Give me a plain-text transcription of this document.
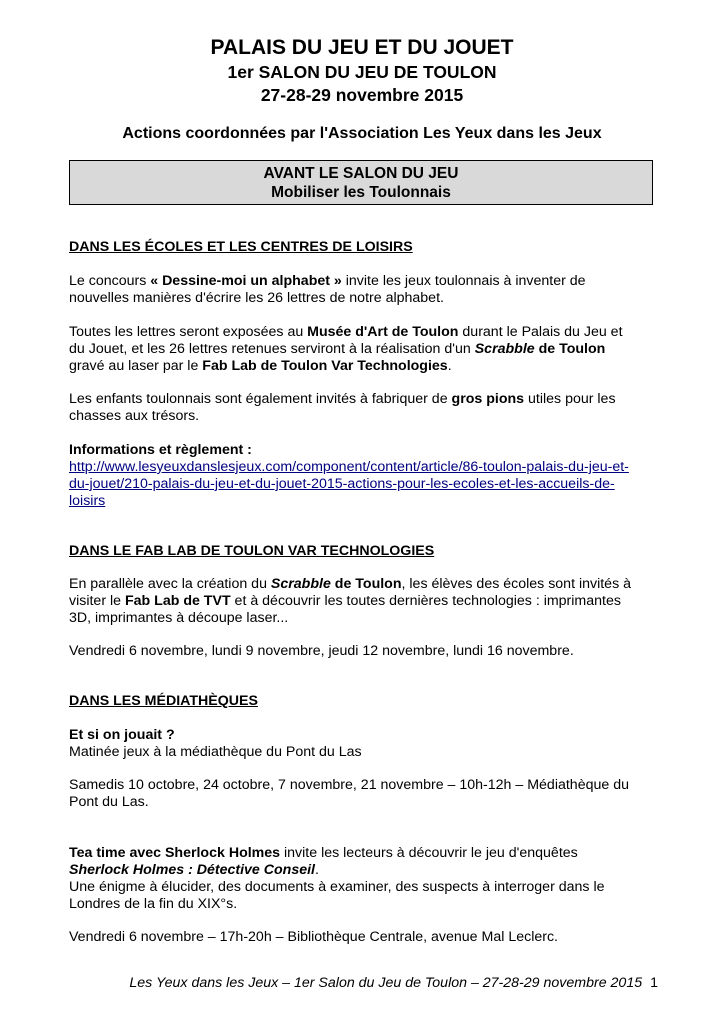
PALAIS DU JEU ET DU JOUET
1er SALON DU JEU DE TOULON
27-28-29 novembre 2015
Actions coordonnées par l'Association Les Yeux dans les Jeux
AVANT LE SALON DU JEU
Mobiliser les Toulonnais
DANS LES ÉCOLES ET LES CENTRES DE LOISIRS
Le concours « Dessine-moi un alphabet » invite les jeux toulonnais à inventer de
nouvelles manières d'écrire les 26 lettres de notre alphabet.
Toutes les lettres seront exposées au Musée d'Art de Toulon durant le Palais du Jeu et
du Jouet, et les 26 lettres retenues serviront à la réalisation d'un Scrabble de Toulon
gravé au laser par le Fab Lab de Toulon Var Technologies.
Les enfants toulonnais sont également invités à fabriquer de gros pions utiles pour les
chasses aux trésors.
Informations et règlement :
http://www.lesyeuxdanslesjeux.com/component/content/article/86-toulon-palais-du-jeu-et-
du-jouet/210-palais-du-jeu-et-du-jouet-2015-actions-pour-les-ecoles-et-les-accueils-de-
loisirs
DANS LE FAB LAB DE TOULON VAR TECHNOLOGIES
En parallèle avec la création du Scrabble de Toulon, les élèves des écoles sont invités à
visiter le Fab Lab de TVT et à découvrir les toutes dernières technologies : imprimantes
3D, imprimantes à découpe laser...
Vendredi 6 novembre, lundi 9 novembre, jeudi 12 novembre, lundi 16 novembre.
DANS LES MÉDIATHÈQUES
Et si on jouait ?
Matinée jeux à la médiathèque du Pont du Las
Samedis 10 octobre, 24 octobre, 7 novembre, 21 novembre – 10h-12h – Médiathèque du
Pont du Las.
Tea time avec Sherlock Holmes invite les lecteurs à découvrir le jeu d'enquêtes
Sherlock Holmes : Détective Conseil.
Une énigme à élucider, des documents à examiner, des suspects à interroger dans le
Londres de la fin du XIX°s.
Vendredi 6 novembre – 17h-20h – Bibliothèque Centrale, avenue Mal Leclerc.
Les Yeux dans les Jeux – 1er Salon du Jeu de Toulon – 27-28-29 novembre 2015 1
